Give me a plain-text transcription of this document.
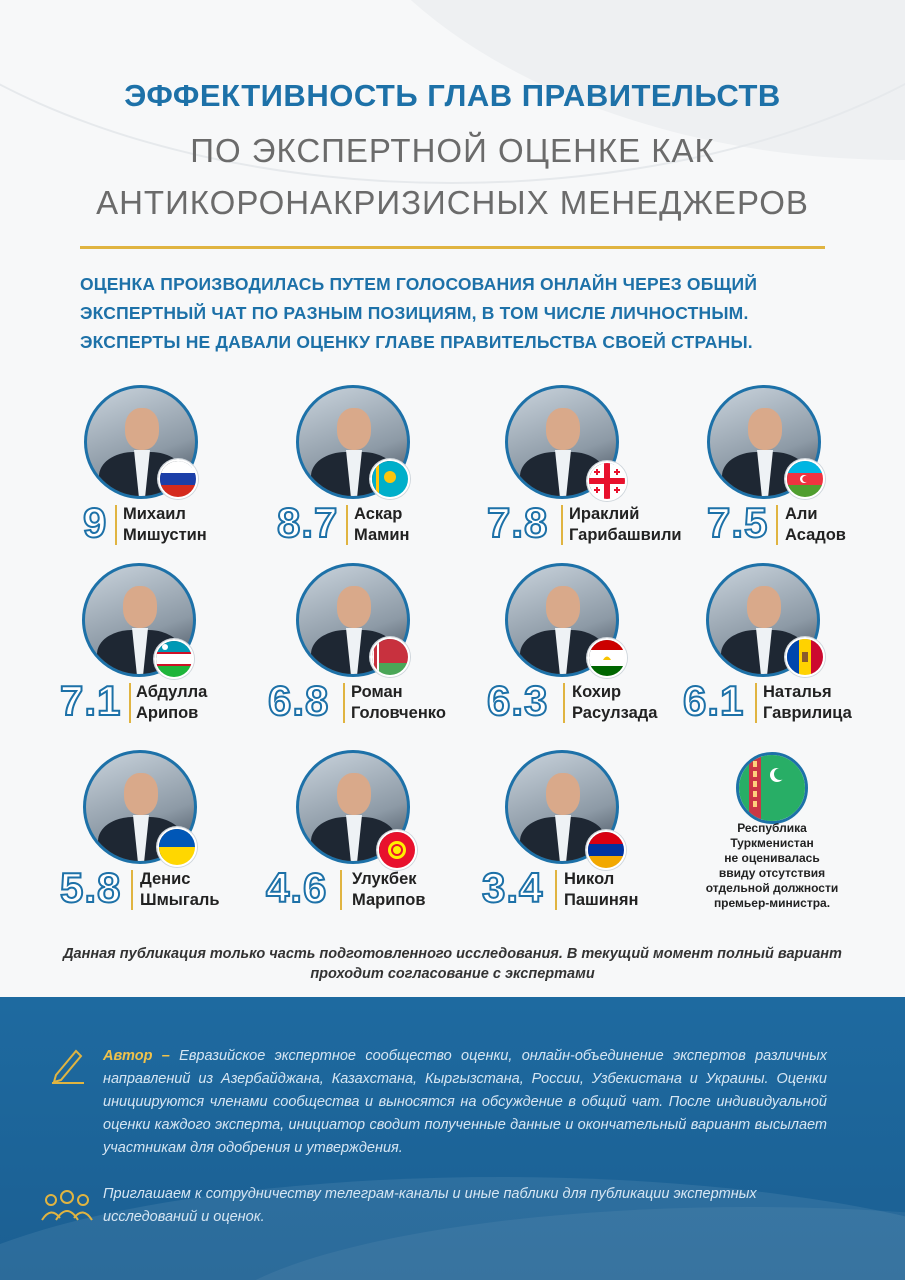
ЭФФЕКТИВНОСТЬ ГЛАВ ПРАВИТЕЛЬСТВ
ПО ЭКСПЕРТНОЙ ОЦЕНКЕ КАК
АНТИКОРОНАКРИЗИСНЫХ МЕНЕДЖЕРОВ
ОЦЕНКА ПРОИЗВОДИЛАСЬ ПУТЕМ ГОЛОСОВАНИЯ ОНЛАЙН ЧЕРЕЗ ОБЩИЙ
ЭКСПЕРТНЫЙ ЧАТ ПО РАЗНЫМ ПОЗИЦИЯМ, В ТОМ ЧИСЛЕ ЛИЧНОСТНЫМ.
ЭКСПЕРТЫ НЕ ДАВАЛИ ОЦЕНКУ ГЛАВЕ ПРАВИТЕЛЬСТВА СВОЕЙ СТРАНЫ.
9 Михаил
Мишустин 8.7 Аскар
Мамин 7.8 Ираклий
Гарибашвили 7.5 Али
Асадов
7.1 Абдулла
Арипов 6.8 Роман
Головченко 6.3 Кохир
Расулзада 6.1 Наталья
Гаврилица
5.8 Денис
Шмыгаль 4.6 Улукбек
Марипов 3.4 Никол
Пашинян
Республика
Туркменистан
не оценивалась
ввиду отсутствия
отдельной должности
премьер-министра.
Данная публикация только часть подготовленного исследования. В текущий момент полный вариант
проходит согласование с экспертами
Автор – Евразийское экспертное сообщество оценки, онлайн-объединение экспертов различных направлений из Азербайджана, Казахстана, Кыргызстана, России, Узбекистана и Украины. Оценки инициируются членами сообщества и выносятся на обсуждение в общий чат. После индивидуальной оценки каждого эксперта, инициатор сводит полученные данные и окончательный вариант высылает участникам для одобрения и утверждения.
Приглашаем к сотрудничеству телеграм-каналы и иные паблики для публикации экспертных исследований и оценок.
